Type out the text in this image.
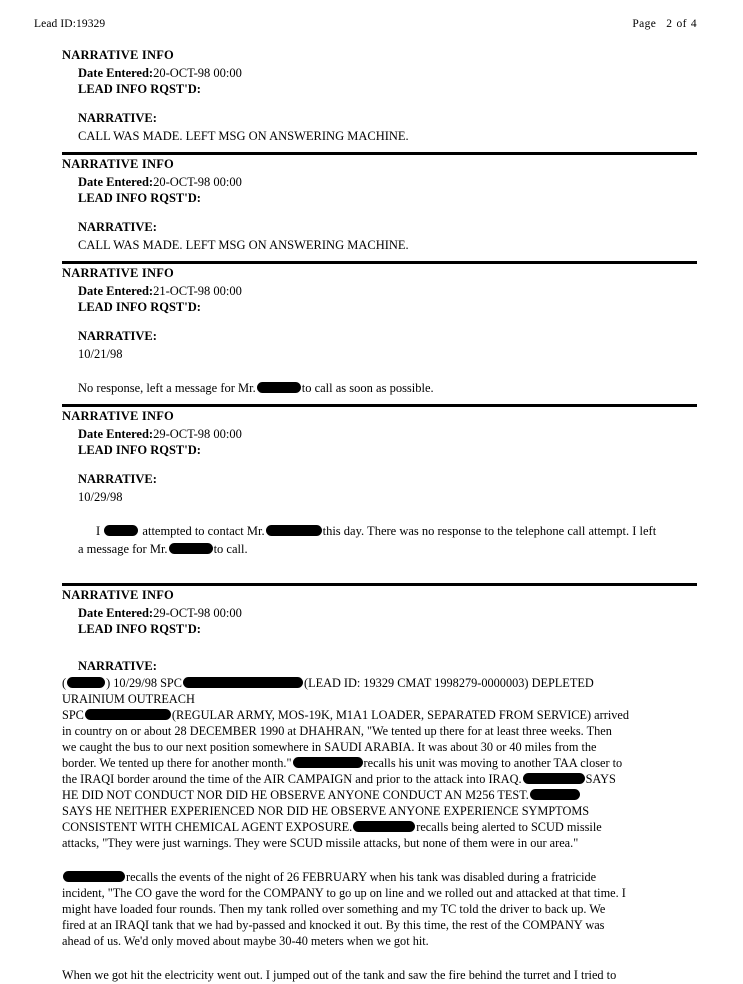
Lead ID:19329	Page 2 of 4
NARRATIVE INFO
Date Entered:20-OCT-98 00:00
LEAD INFO RQST'D:
NARRATIVE:
CALL WAS MADE. LEFT MSG ON ANSWERING MACHINE.
NARRATIVE INFO
Date Entered:20-OCT-98 00:00
LEAD INFO RQST'D:
NARRATIVE:
CALL WAS MADE. LEFT MSG ON ANSWERING MACHINE.
NARRATIVE INFO
Date Entered:21-OCT-98 00:00
LEAD INFO RQST'D:
NARRATIVE:
10/21/98
No response, left a message for Mr.	to call as soon as possible.
NARRATIVE INFO
Date Entered:29-OCT-98 00:00
LEAD INFO RQST'D:
NARRATIVE:
10/29/98
I	attempted to contact Mr.	this day. There was no response to the telephone call attempt. I left
a message for Mr.	to call.
NARRATIVE INFO
Date Entered:29-OCT-98 00:00
LEAD INFO RQST'D:
NARRATIVE:
(	) 10/29/98 SPC	(LEAD ID: 19329 CMAT 1998279-0000003) DEPLETED
URAINIUM OUTREACH
SPC	(REGULAR ARMY, MOS-19K, M1A1 LOADER, SEPARATED FROM SERVICE) arrived
in country on or about 28 DECEMBER 1990 at DHAHRAN, "We tented up there for at least three weeks. Then
we caught the bus to our next position somewhere in SAUDI ARABIA. It was about 30 or 40 miles from the
border. We tented up there for another month."	recalls his unit was moving to another TAA closer to
the IRAQI border around the time of the AIR CAMPAIGN and prior to the attack into IRAQ.	SAYS
HE DID NOT CONDUCT NOR DID HE OBSERVE ANYONE CONDUCT AN M256 TEST.
SAYS HE NEITHER EXPERIENCED NOR DID HE OBSERVE ANYONE EXPERIENCE SYMPTOMS
CONSISTENT WITH CHEMICAL AGENT EXPOSURE.	recalls being alerted to SCUD missile
attacks, "They were just warnings. They were SCUD missile attacks, but none of them were in our area."
recalls the events of the night of 26 FEBRUARY when his tank was disabled during a fratricide
incident, "The CO gave the word for the COMPANY to go up on line and we rolled out and attacked at that time. I
might have loaded four rounds. Then my tank rolled over something and my TC told the driver to back up. We
fired at an IRAQI tank that we had by-passed and knocked it out. By this time, the rest of the COMPANY was
ahead of us. We'd only moved about maybe 30-40 meters when we got hit.
When we got hit the electricity went out. I jumped out of the tank and saw the fire behind the turret and I tried to
